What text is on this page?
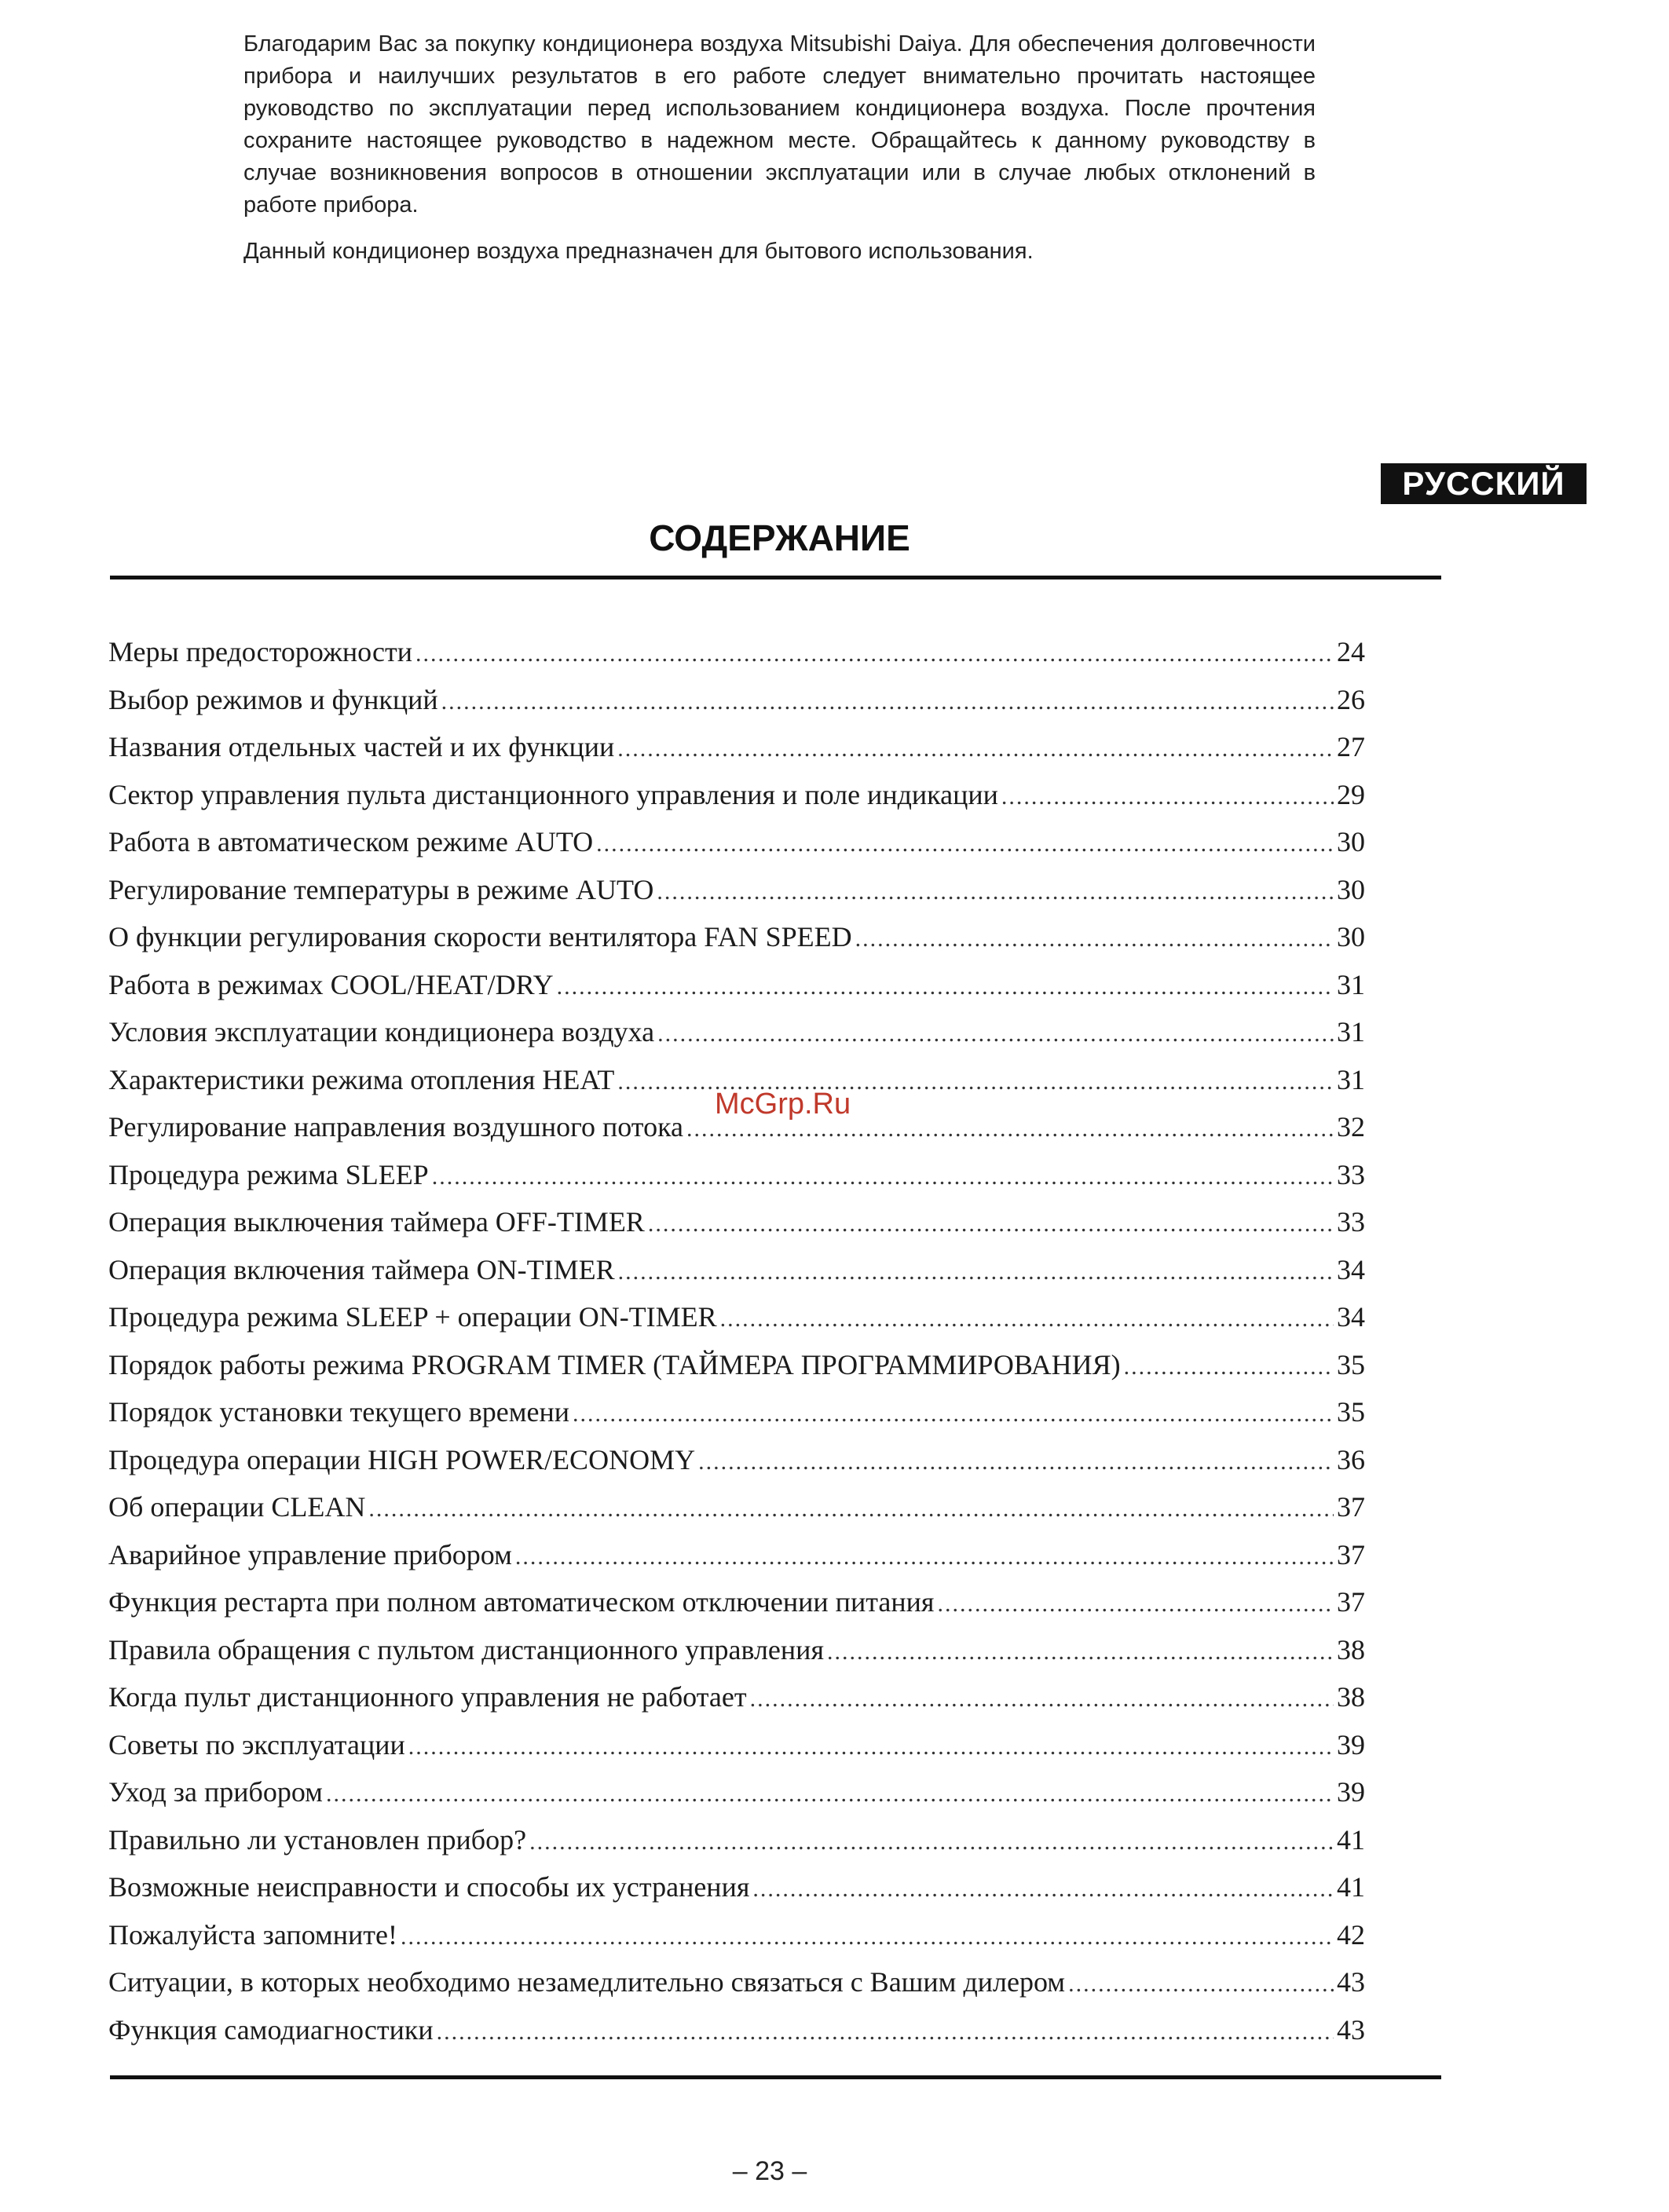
Благодарим Вас за покупку кондиционера воздуха Mitsubishi Daiya. Для обеспечения долговечности прибора и наилучших результатов в его работе следует внимательно прочитать настоящее руководство по эксплуатации перед использованием кондиционера воздуха. После прочтения сохраните настоящее руководство в надежном месте. Обращайтесь к данному руководству в случае возникновения вопросов в отношении эксплуатации или в случае любых отклонений в работе прибора.

Данный кондиционер воздуха предназначен для бытового использования.

РУССКИЙ
СОДЕРЖАНИЕ
Меры предосторожности .....	24
Выбор режимов и функций .....	26
Названия отдельных частей и их функции .....	27
Сектор управления пульта дистанционного управления и поле индикации .....	29
Работа в автоматическом режиме AUTO .....	30
Регулирование температуры в режиме AUTO .....	30
О функции регулирования скорости вентилятора FAN SPEED .....	30
Работа в режимах COOL/HEAT/DRY .....	31
Условия эксплуатации кондиционера воздуха .....	31
Характеристики режима отопления HEAT .....	31
Регулирование направления воздушного потока .....	32
Процедура режима SLEEP .....	33
Операция выключения таймера OFF-TIMER .....	33
Операция включения таймера ON-TIMER .....	34
Процедура режима SLEEP + операции ON-TIMER .....	34
Порядок работы режима PROGRAM TIMER (ТАЙМЕРА ПРОГРАММИРОВАНИЯ) .....	35
Порядок установки текущего времени .....	35
Процедура операции HIGH POWER/ECONOMY .....	36
Об операции CLEAN .....	37
Аварийное управление прибором .....	37
Функция рестарта при полном автоматическом отключении питания .....	37
Правила обращения с пультом дистанционного управления .....	38
Когда пульт дистанционного управления не работает .....	38
Советы по эксплуатации .....	39
Уход за прибором .....	39
Правильно ли установлен прибор? .....	41
Возможные неисправности и способы их устранения .....	41
Пожалуйста запомните! .....	42
Ситуации, в которых необходимо незамедлительно связаться с Вашим дилером .....	43
Функция самодиагностики .....	43
McGrp.Ru
– 23 –
